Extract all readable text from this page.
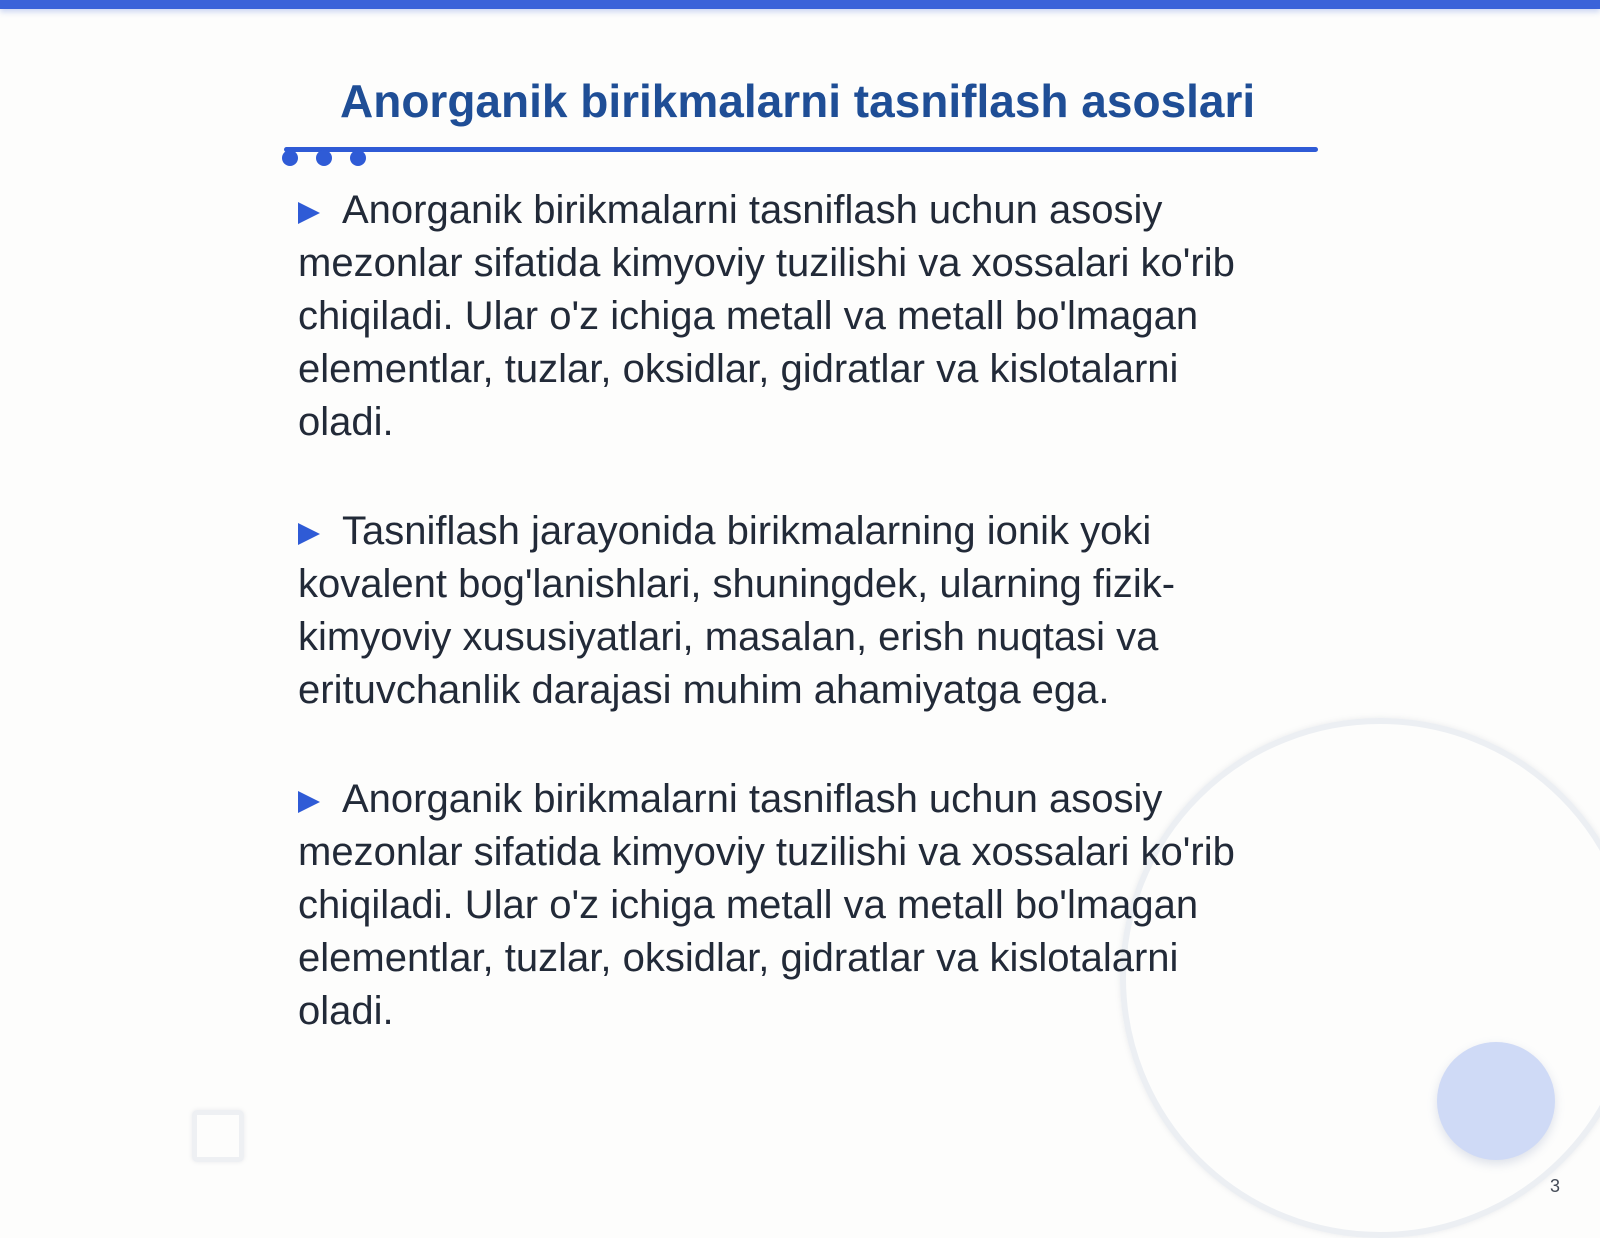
Anorganik birikmalarni tasniflash asoslari

Anorganik birikmalarni tasniflash uchun asosiy mezonlar sifatida kimyoviy tuzilishi va xossalari ko'rib chiqiladi. Ular o'z ichiga metall va metall bo'lmagan elementlar, tuzlar, oksidlar, gidratlar va kislotalarni oladi.

Tasniflash jarayonida birikmalarning ionik yoki kovalent bog'lanishlari, shuningdek, ularning fizik-kimyoviy xususiyatlari, masalan, erish nuqtasi va erituvchanlik darajasi muhim ahamiyatga ega.

Anorganik birikmalarni tasniflash uchun asosiy mezonlar sifatida kimyoviy tuzilishi va xossalari ko'rib chiqiladi. Ular o'z ichiga metall va metall bo'lmagan elementlar, tuzlar, oksidlar, gidratlar va kislotalarni oladi.

3
